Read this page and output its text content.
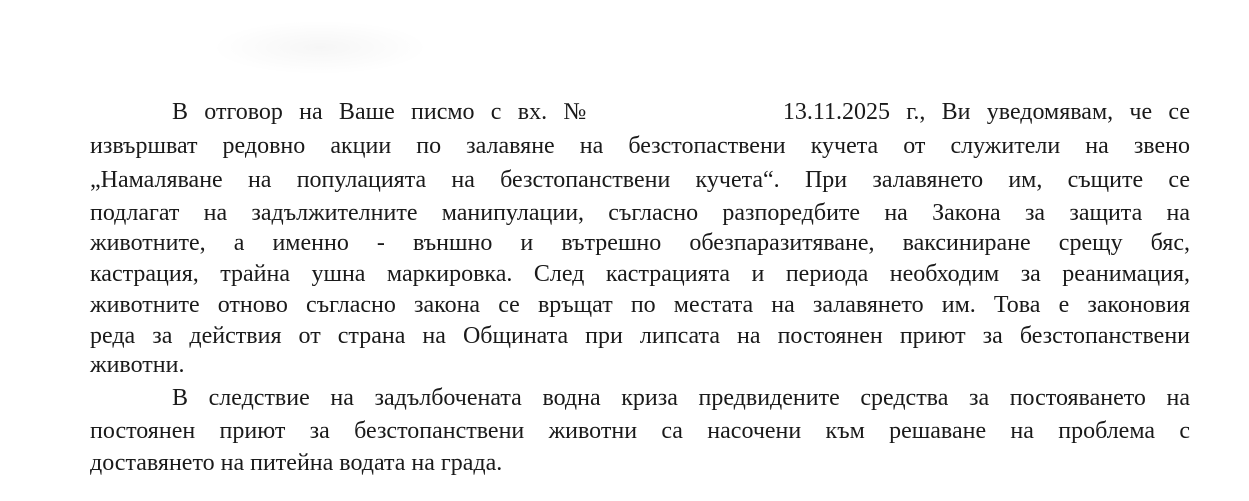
В отговор на Ваше писмо с вх. №	13.11.2025 г., Ви уведомявам, че се
извършват редовно акции по залавяне на безстопаствени кучета от служители на звено
„Намаляване на популацията на безстопанствени кучета“. При залавянето им, същите се
подлагат на задължителните манипулации, съгласно разпоредбите на Закона за защита на
животните, а именно - външно и вътрешно обезпаразитяване, ваксиниране срещу бяс,
кастрация, трайна ушна маркировка. След кастрацията и периода необходим за реанимация,
животните отново съгласно закона се връщат по местата на залавянето им. Това е законовия
реда за действия от страна на Общината при липсата на постоянен приют за безстопанствени
животни.
В следствие на задълбочената водна криза предвидените средства за постояването на
постоянен приют за безстопанствени животни са насочени към решаване на проблема с
доставянето на питейна водата на града.
